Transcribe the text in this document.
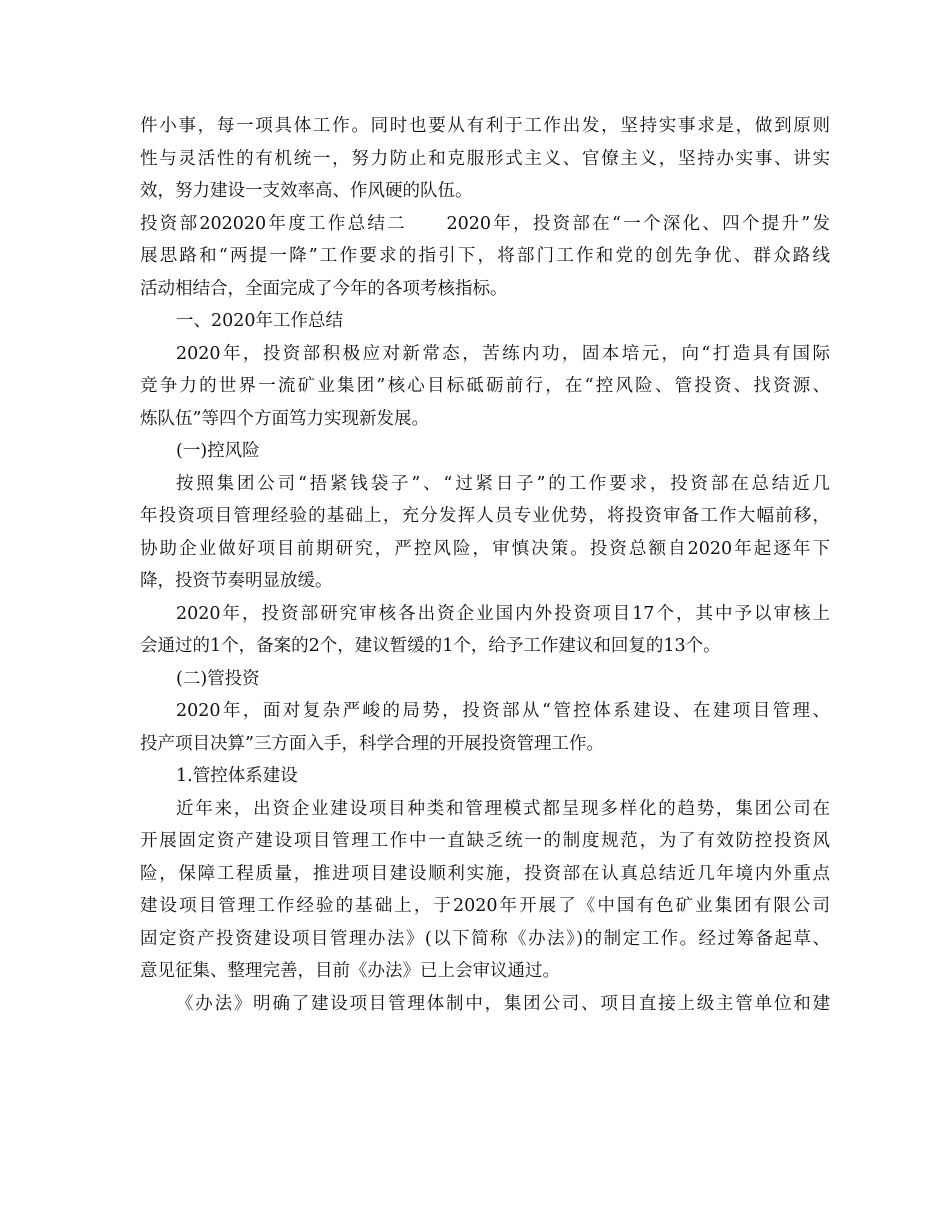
件小事，每一项具体工作。同时也要从有利于工作出发，坚持实事求是，做到原则
性与灵活性的有机统一，努力防止和克服形式主义、官僚主义，坚持办实事、讲实
效，努力建设一支效率高、作风硬的队伍。
投资部202020年度工作总结二　　2020年，投资部在“一个深化、四个提升”发
展思路和“两提一降”工作要求的指引下，将部门工作和党的创先争优、群众路线
活动相结合，全面完成了今年的各项考核指标。
一、2020年工作总结
2020年，投资部积极应对新常态，苦练内功，固本培元，向“打造具有国际
竞争力的世界一流矿业集团”核心目标砥砺前行，在“控风险、管投资、找资源、
炼队伍”等四个方面笃力实现新发展。
(一)控风险
按照集团公司“捂紧钱袋子”、“过紧日子”的工作要求，投资部在总结近几
年投资项目管理经验的基础上，充分发挥人员专业优势，将投资审备工作大幅前移，
协助企业做好项目前期研究，严控风险，审慎决策。投资总额自2020年起逐年下
降，投资节奏明显放缓。
2020年，投资部研究审核各出资企业国内外投资项目17个，其中予以审核上
会通过的1个，备案的2个，建议暂缓的1个，给予工作建议和回复的13个。
(二)管投资
2020年，面对复杂严峻的局势，投资部从“管控体系建设、在建项目管理、
投产项目决算”三方面入手，科学合理的开展投资管理工作。
1.管控体系建设
近年来，出资企业建设项目种类和管理模式都呈现多样化的趋势，集团公司在
开展固定资产建设项目管理工作中一直缺乏统一的制度规范，为了有效防控投资风
险，保障工程质量，推进项目建设顺利实施，投资部在认真总结近几年境内外重点
建设项目管理工作经验的基础上，于2020年开展了《中国有色矿业集团有限公司
固定资产投资建设项目管理办法》(以下简称《办法》)的制定工作。经过筹备起草、
意见征集、整理完善，目前《办法》已上会审议通过。
《办法》明确了建设项目管理体制中，集团公司、项目直接上级主管单位和建
